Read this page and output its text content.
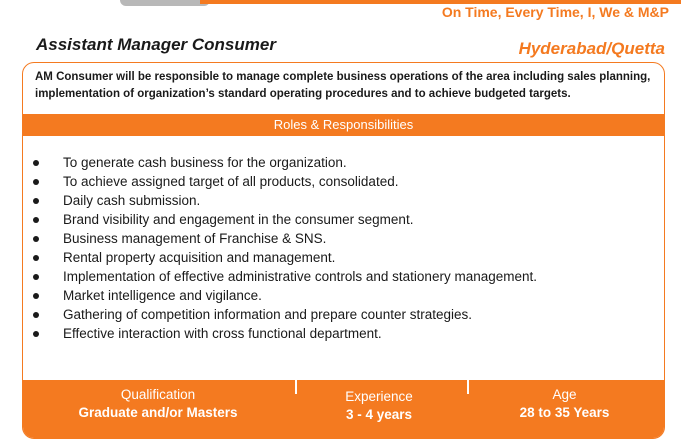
On Time, Every Time, I, We & M&P
Assistant Manager Consumer	Hyderabad/Quetta
AM Consumer will be responsible to manage complete business operations of the area including sales planning, implementation of organization’s standard operating procedures and to achieve budgeted targets.
Roles & Responsibilities
To generate cash business for the organization.
To achieve assigned target of all products, consolidated.
Daily cash submission.
Brand visibility and engagement in the consumer segment.
Business management of Franchise & SNS.
Rental property acquisition and management.
Implementation of effective administrative controls and stationery management.
Market intelligence and vigilance.
Gathering of competition information and prepare counter strategies.
Effective interaction with cross functional department.
Qualification
Graduate and/or Masters
Experience
3 - 4 years
Age
28 to 35 Years
